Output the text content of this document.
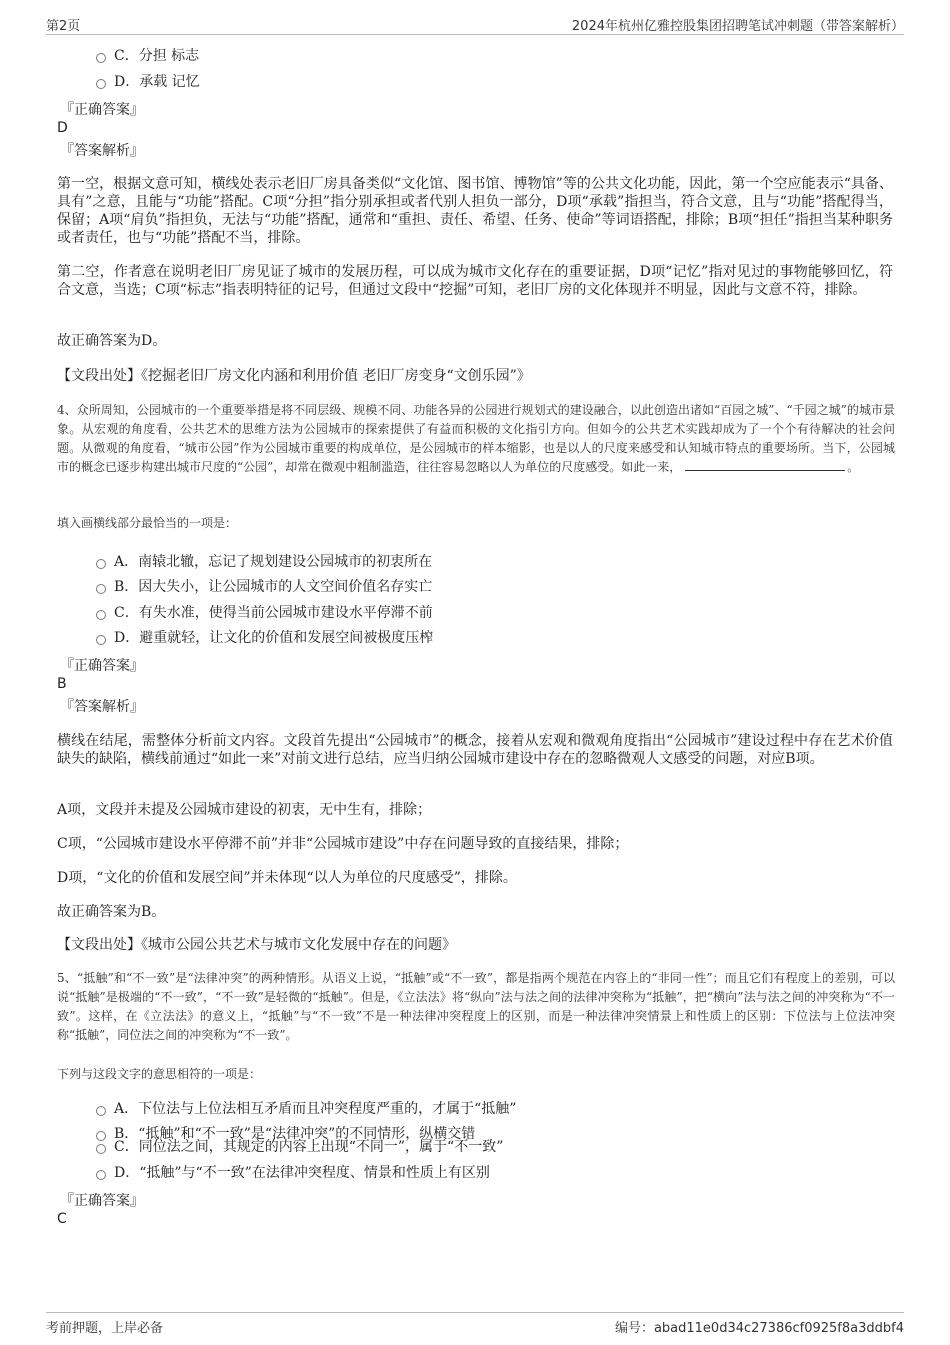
第2页	2024年杭州亿雅控股集团招聘笔试冲刺题（带答案解析）
C．分担 标志
D．承载 记忆
『正确答案』
D
『答案解析』
第一空，根据文意可知，横线处表示老旧厂房具备类似“文化馆、图书馆、博物馆”等的公共文化功能，因此，第一个空应能表示“具备、具有”之意，且能与“功能”搭配。C项“分担”指分别承担或者代别人担负一部分，D项“承载”指担当，符合文意，且与“功能”搭配得当，保留；A项“肩负”指担负，无法与“功能”搭配，通常和“重担、责任、希望、任务、使命”等词语搭配，排除；B项“担任”指担当某种职务或者责任，也与“功能”搭配不当，排除。
第二空，作者意在说明老旧厂房见证了城市的发展历程，可以成为城市文化存在的重要证据，D项“记忆”指对见过的事物能够回忆，符合文意，当选；C项“标志”指表明特征的记号，但通过文段中“挖掘”可知，老旧厂房的文化体现并不明显，因此与文意不符，排除。
故正确答案为D。
【文段出处】《挖掘老旧厂房文化内涵和利用价值 老旧厂房变身“文创乐园”》
4、众所周知，公园城市的一个重要举措是将不同层级、规模不同、功能各异的公园进行规划式的建设融合，以此创造出诸如“百园之城”、“千园之城”的城市景象。从宏观的角度看，公共艺术的思维方法为公园城市的探索提供了有益而积极的文化指引方向。但如今的公共艺术实践却成为了一个个有待解决的社会问题。从微观的角度看，“城市公园”作为公园城市重要的构成单位，是公园城市的样本缩影，也是以人的尺度来感受和认知城市特点的重要场所。当下，公园城市的概念已逐步构建出城市尺度的“公园”，却常在微观中粗制滥造，往往容易忽略以人为单位的尺度感受。如此一来，	。
填入画横线部分最恰当的一项是：
A．南辕北辙，忘记了规划建设公园城市的初衷所在
B．因大失小，让公园城市的人文空间价值名存实亡
C．有失水准，使得当前公园城市建设水平停滞不前
D．避重就轻，让文化的价值和发展空间被极度压榨
『正确答案』
B
『答案解析』
横线在结尾，需整体分析前文内容。文段首先提出“公园城市”的概念，接着从宏观和微观角度指出“公园城市”建设过程中存在艺术价值缺失的缺陷，横线前通过“如此一来”对前文进行总结，应当归纳公园城市建设中存在的忽略微观人文感受的问题，对应B项。
A项，文段并未提及公园城市建设的初衷，无中生有，排除；
C项，“公园城市建设水平停滞不前”并非“公园城市建设”中存在问题导致的直接结果，排除；
D项，“文化的价值和发展空间”并未体现“以人为单位的尺度感受”，排除。
故正确答案为B。
【文段出处】《城市公园公共艺术与城市文化发展中存在的问题》
5、“抵触”和“不一致”是“法律冲突”的两种情形。从语义上说，“抵触”或“不一致”，都是指两个规范在内容上的“非同一性”；而且它们有程度上的差别，可以说“抵触”是极端的“不一致”，“不一致”是轻微的“抵触”。但是，《立法法》将“纵向”法与法之间的法律冲突称为“抵触”，把“横向”法与法之间的冲突称为“不一致”。这样，在《立法法》的意义上，“抵触”与“不一致”不是一种法律冲突程度上的区别，而是一种法律冲突情景上和性质上的区别：下位法与上位法冲突称“抵触”，同位法之间的冲突称为“不一致”。
下列与这段文字的意思相符的一项是：
A．下位法与上位法相互矛盾而且冲突程度严重的，才属于“抵触”
B．“抵触”和“不一致”是“法律冲突”的不同情形，纵横交错
C．同位法之间，其规定的内容上出现“不同一”，属于“不一致”
D．“抵触”与“不一致”在法律冲突程度、情景和性质上有区别
『正确答案』
C
考前押题，上岸必备	编号：abad11e0d34c27386cf0925f8a3ddbf4
